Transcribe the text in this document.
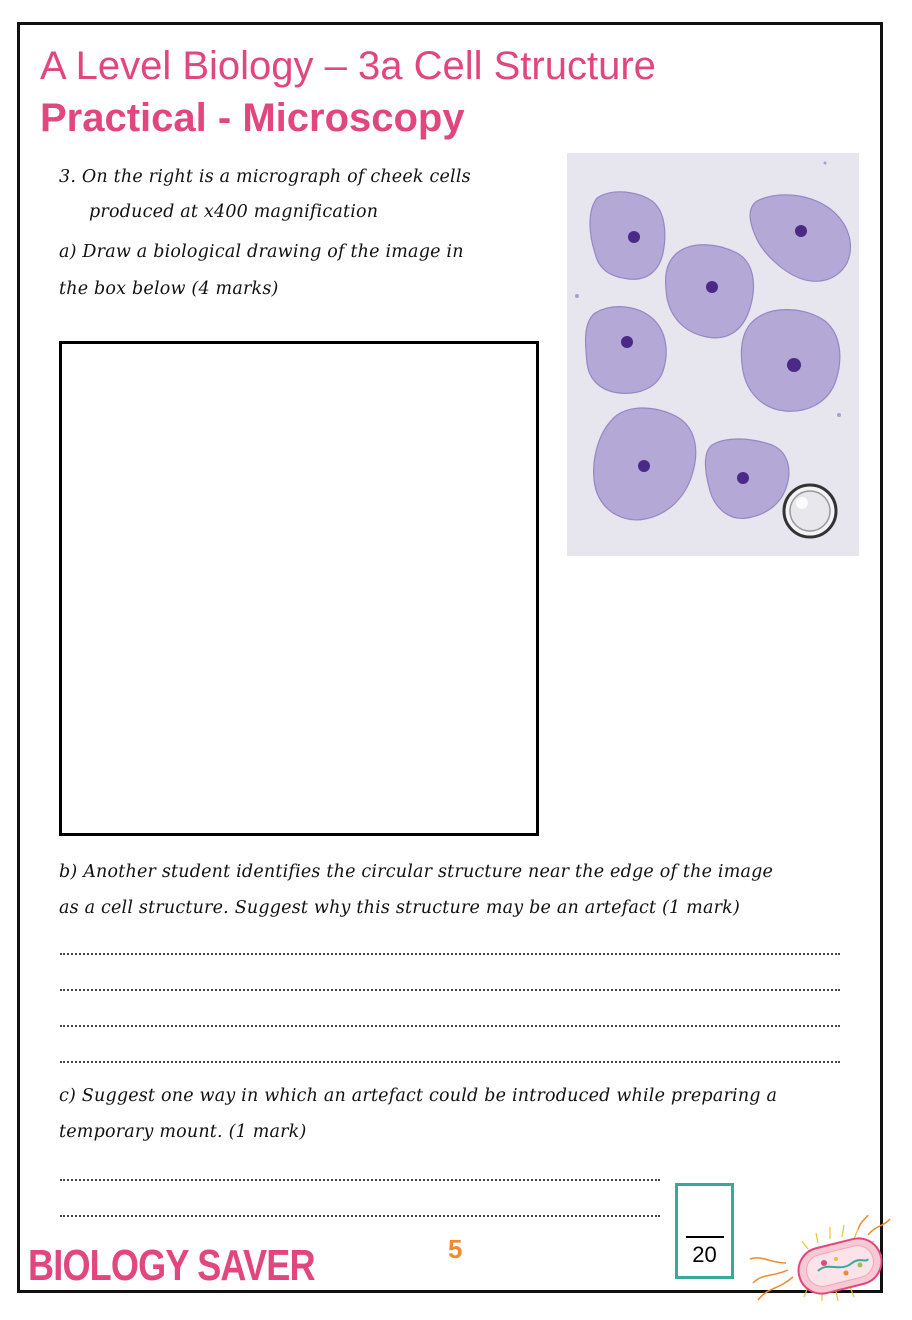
A Level Biology – 3a Cell Structure
Practical - Microscopy
3. On the right is a micrograph of cheek cells
produced at x400 magnification
a) Draw a biological drawing of the image in
the box below (4 marks)
b) Another student identifies the circular structure near the edge of the image
as a cell structure. Suggest why this structure may be an artefact (1 mark)
c) Suggest one way in which an artefact could be introduced while preparing a
temporary mount. (1 mark)
BIOLOGY SAVER	5	20
